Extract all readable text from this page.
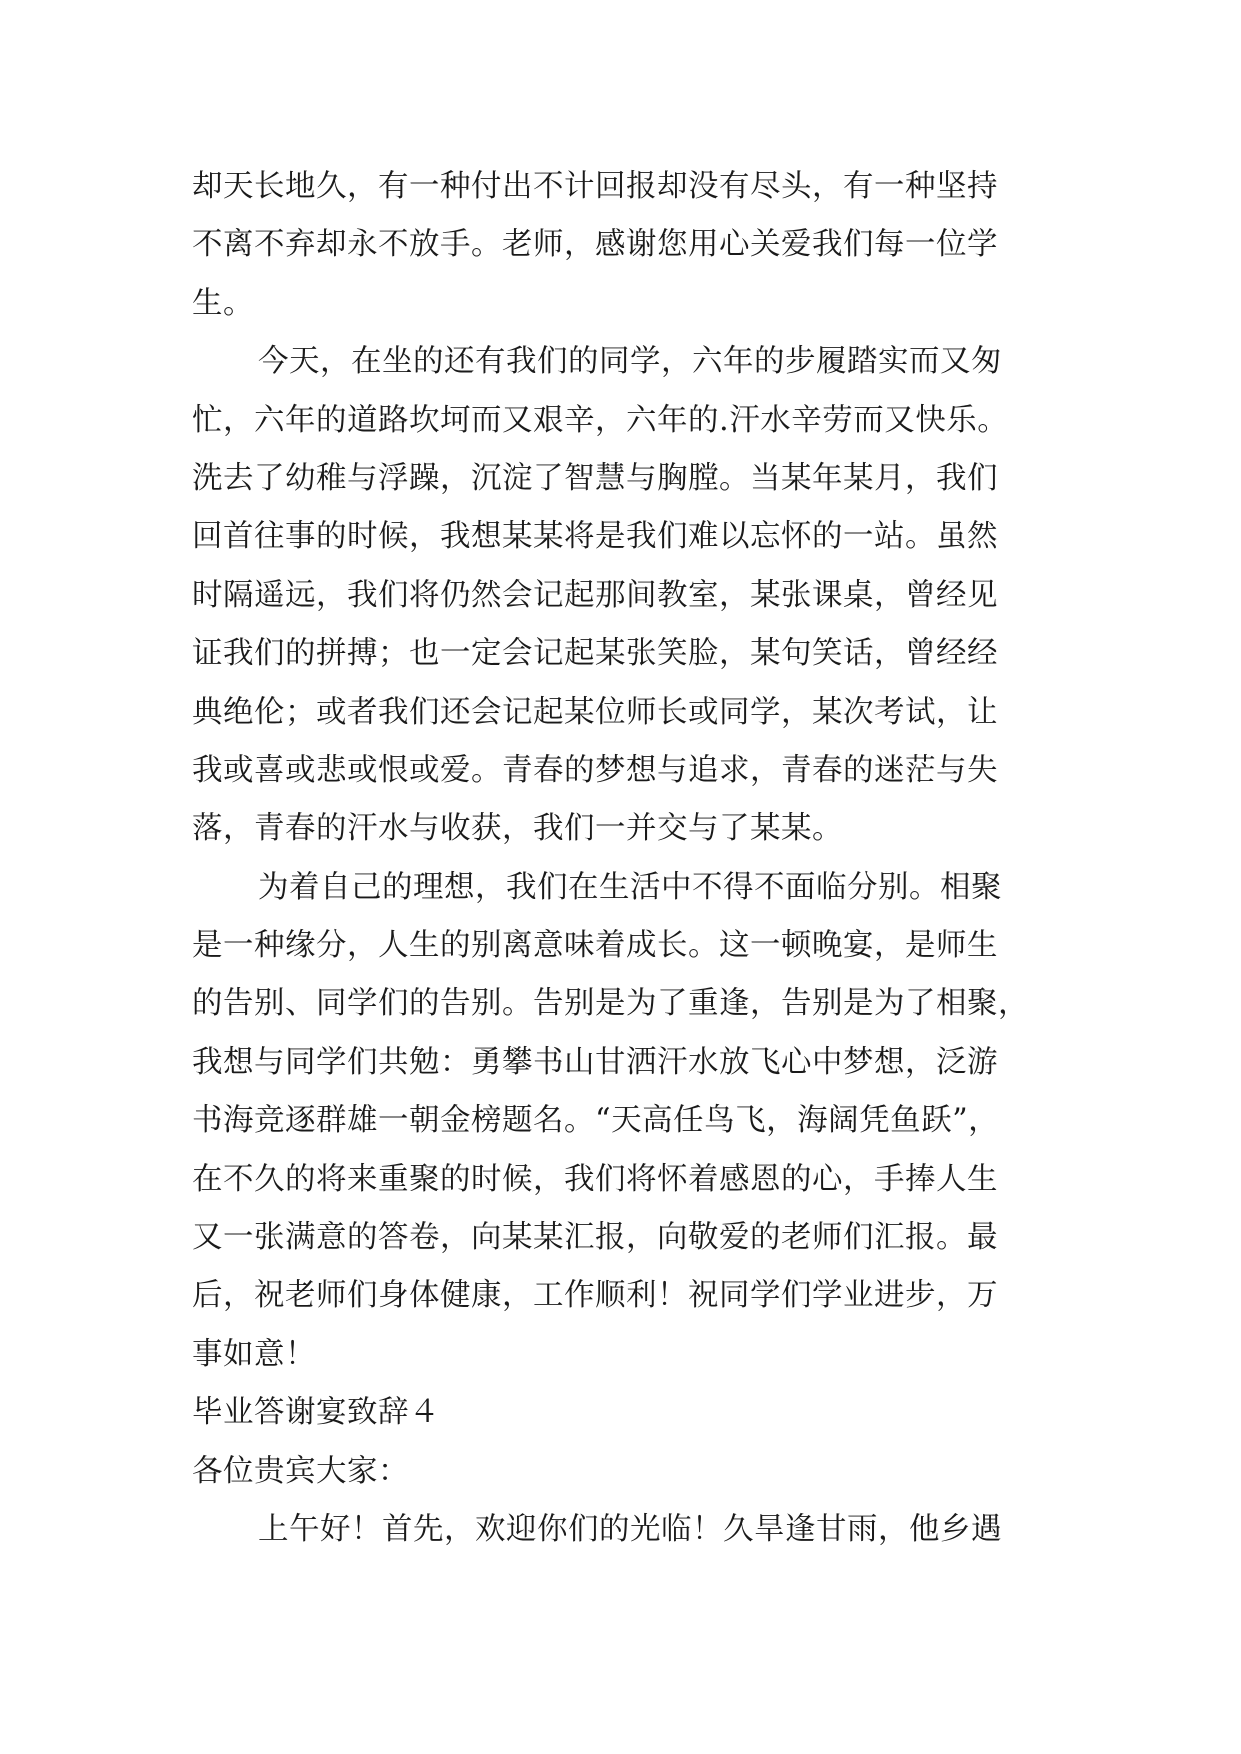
却天长地久，有一种付出不计回报却没有尽头，有一种坚持
不离不弃却永不放手。老师，感谢您用心关爱我们每一位学
生。
今天，在坐的还有我们的同学，六年的步履踏实而又匆
忙，六年的道路坎坷而又艰辛，六年的.汗水辛劳而又快乐。
洗去了幼稚与浮躁，沉淀了智慧与胸膛。当某年某月，我们
回首往事的时候，我想某某将是我们难以忘怀的一站。虽然
时隔遥远，我们将仍然会记起那间教室，某张课桌，曾经见
证我们的拼搏；也一定会记起某张笑脸，某句笑话，曾经经
典绝伦；或者我们还会记起某位师长或同学，某次考试，让
我或喜或悲或恨或爱。青春的梦想与追求，青春的迷茫与失
落，青春的汗水与收获，我们一并交与了某某。
为着自己的理想，我们在生活中不得不面临分别。相聚
是一种缘分，人生的别离意味着成长。这一顿晚宴，是师生
的告别、同学们的告别。告别是为了重逢，告别是为了相聚，
我想与同学们共勉：勇攀书山甘洒汗水放飞心中梦想，泛游
书海竞逐群雄一朝金榜题名。“天高任鸟飞，海阔凭鱼跃”，
在不久的将来重聚的时候，我们将怀着感恩的心，手捧人生
又一张满意的答卷，向某某汇报，向敬爱的老师们汇报。最
后，祝老师们身体健康，工作顺利！祝同学们学业进步，万
事如意！
毕业答谢宴致辞４
各位贵宾大家：
上午好！首先，欢迎你们的光临！久旱逢甘雨，他乡遇
